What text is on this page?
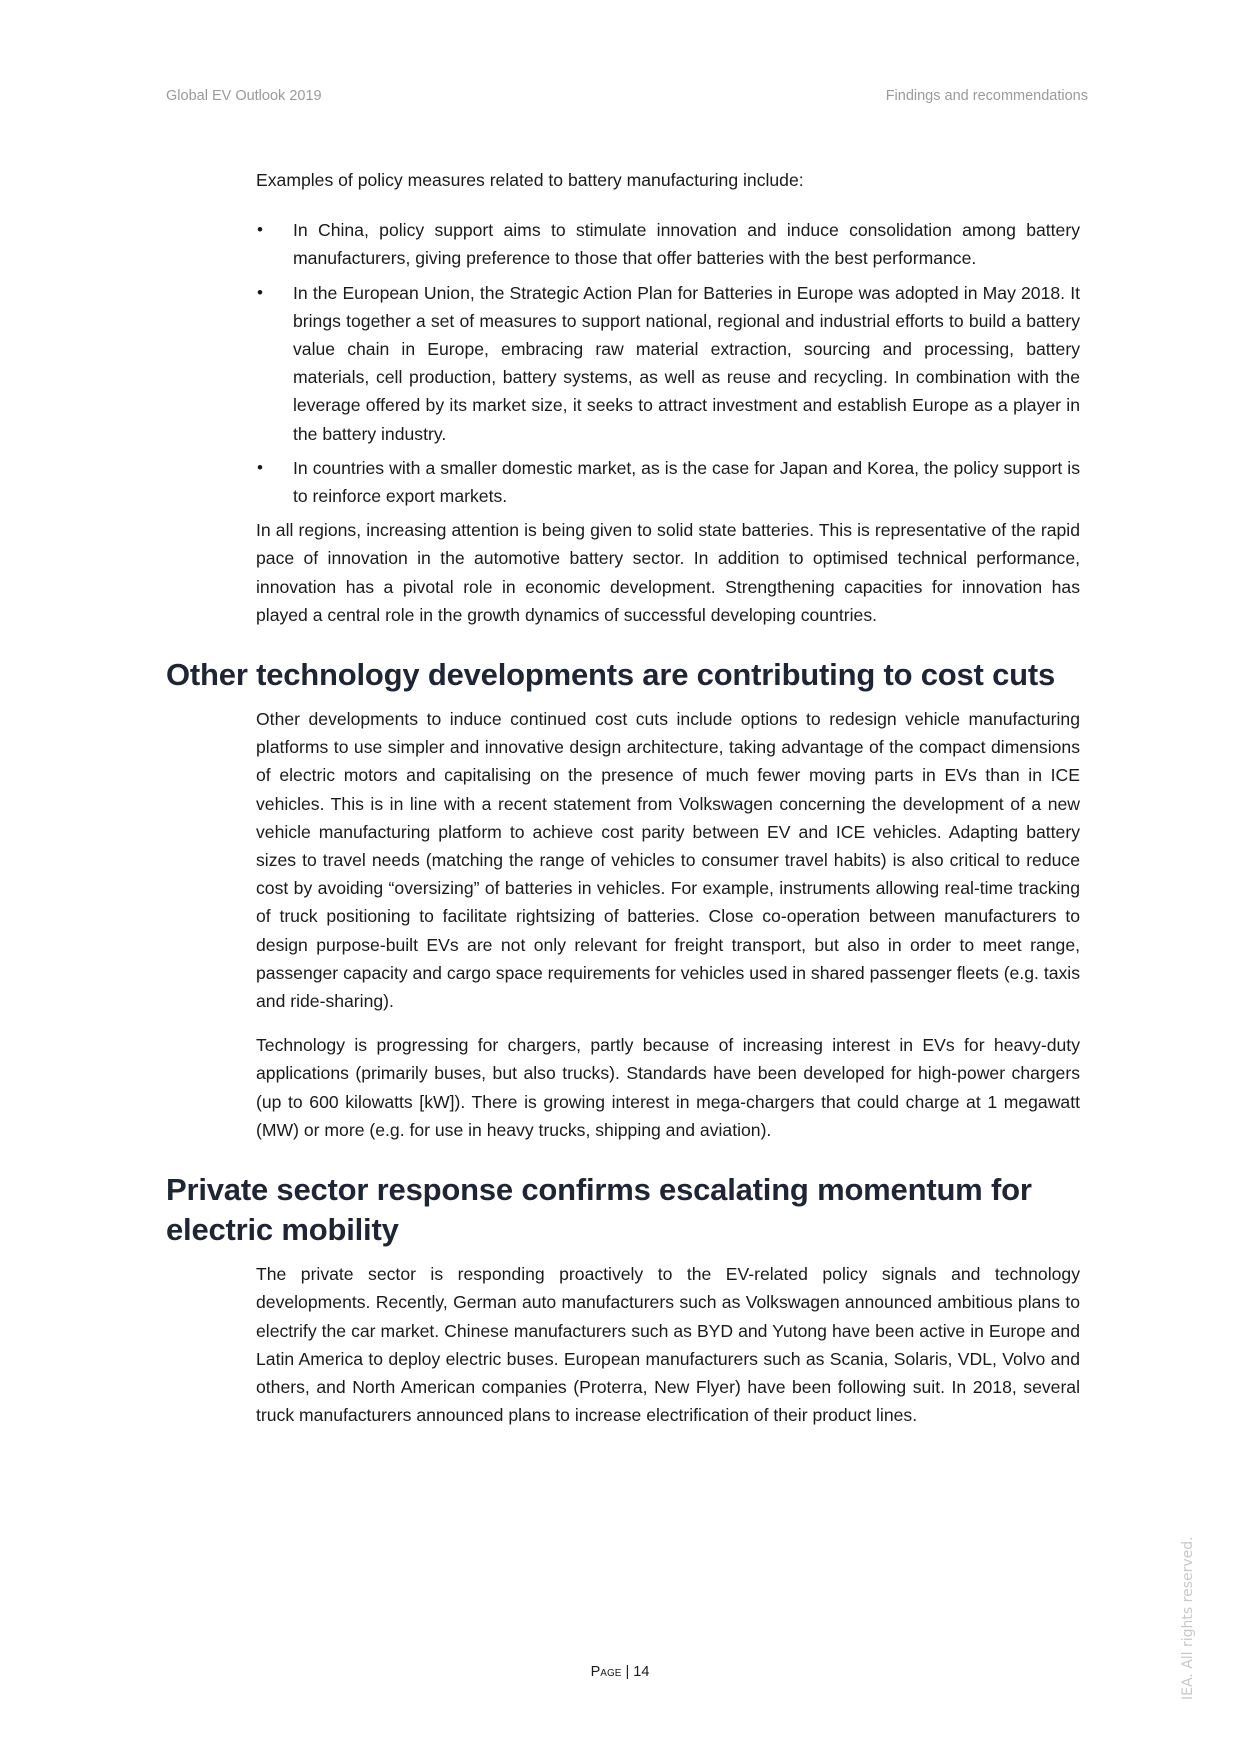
Global EV Outlook 2019	Findings and recommendations

Examples of policy measures related to battery manufacturing include:

• In China, policy support aims to stimulate innovation and induce consolidation among battery manufacturers, giving preference to those that offer batteries with the best performance.
• In the European Union, the Strategic Action Plan for Batteries in Europe was adopted in May 2018. It brings together a set of measures to support national, regional and industrial efforts to build a battery value chain in Europe, embracing raw material extraction, sourcing and processing, battery materials, cell production, battery systems, as well as reuse and recycling. In combination with the leverage offered by its market size, it seeks to attract investment and establish Europe as a player in the battery industry.
• In countries with a smaller domestic market, as is the case for Japan and Korea, the policy support is to reinforce export markets.

In all regions, increasing attention is being given to solid state batteries. This is representative of the rapid pace of innovation in the automotive battery sector. In addition to optimised technical performance, innovation has a pivotal role in economic development. Strengthening capacities for innovation has played a central role in the growth dynamics of successful developing countries.

Other technology developments are contributing to cost cuts

Other developments to induce continued cost cuts include options to redesign vehicle manufacturing platforms to use simpler and innovative design architecture, taking advantage of the compact dimensions of electric motors and capitalising on the presence of much fewer moving parts in EVs than in ICE vehicles. This is in line with a recent statement from Volkswagen concerning the development of a new vehicle manufacturing platform to achieve cost parity between EV and ICE vehicles. Adapting battery sizes to travel needs (matching the range of vehicles to consumer travel habits) is also critical to reduce cost by avoiding “oversizing” of batteries in vehicles. For example, instruments allowing real-time tracking of truck positioning to facilitate rightsizing of batteries. Close co-operation between manufacturers to design purpose-built EVs are not only relevant for freight transport, but also in order to meet range, passenger capacity and cargo space requirements for vehicles used in shared passenger fleets (e.g. taxis and ride-sharing).

Technology is progressing for chargers, partly because of increasing interest in EVs for heavy-duty applications (primarily buses, but also trucks). Standards have been developed for high-power chargers (up to 600 kilowatts [kW]). There is growing interest in mega-chargers that could charge at 1 megawatt (MW) or more (e.g. for use in heavy trucks, shipping and aviation).

Private sector response confirms escalating momentum for electric mobility

The private sector is responding proactively to the EV-related policy signals and technology developments. Recently, German auto manufacturers such as Volkswagen announced ambitious plans to electrify the car market. Chinese manufacturers such as BYD and Yutong have been active in Europe and Latin America to deploy electric buses. European manufacturers such as Scania, Solaris, VDL, Volvo and others, and North American companies (Proterra, New Flyer) have been following suit. In 2018, several truck manufacturers announced plans to increase electrification of their product lines.

Page | 14	IEA. All rights reserved.
